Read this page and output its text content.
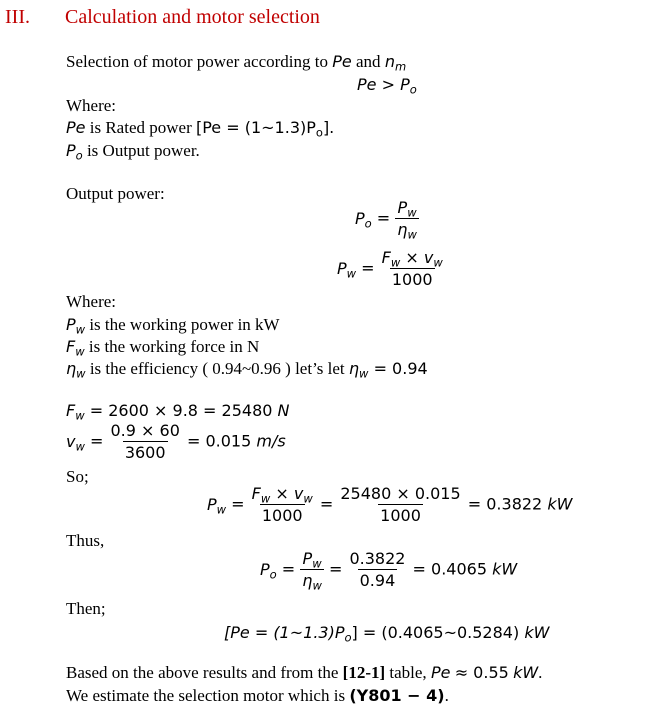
III. Calculation and motor selection
Selection of motor power according to Pe and $n_m$
$Pe > P_o$
Where:
Pe is Rated power $[Pe = (1\sim 1.3)P_o]$.
$P_o$ is Output power.
Output power:
$P_o = \frac{P_w}{\eta_w}$
$P_w = \frac{F_w \times v_w}{1000}$
Where:
$P_w$ is the working power in kW
$F_w$ is the working force in N
$\eta_w$ is the efficiency ( 0.94~0.96 ) let’s let $\eta_w = 0.94$
$F_w = 2600 \times 9.8 = 25480$ N
$v_w = \frac{0.9 \times 60}{3600} = 0.015$ m/s
So;
$P_w = \frac{F_w \times v_w}{1000} = \frac{25480 \times 0.015}{1000} = 0.3822$ kW
Thus,
$P_o = \frac{P_w}{\eta_w} = \frac{0.3822}{0.94} = 0.4065$ kW
Then;
$[Pe = (1\sim 1.3)P_o]$ = (0.4065~0.5284) kW
Based on the above results and from the [12-1] table, Pe ≈ 0.55 kW.
We estimate the selection motor which is (Y801 − 4).
